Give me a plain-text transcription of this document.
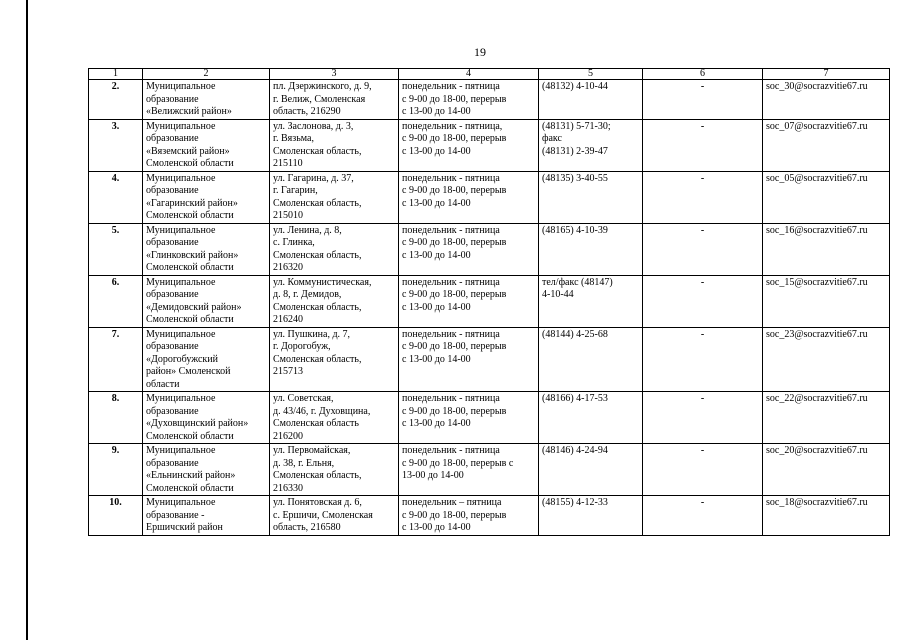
19
1	2	3	4	5	6	7
2.	Муниципальное
образование
«Велижский район»	пл. Дзержинского, д. 9,
г. Велиж, Смоленская
область, 216290	понедельник - пятница
с 9-00 до 18-00, перерыв
с 13-00 до 14-00	(48132) 4-10-44	-	soc_30@socrazvitie67.ru
3.	Муниципальное
образование
«Вяземский район»
Смоленской области	ул. Заслонова, д. 3,
г. Вязьма,
Смоленская область,
215110	понедельник - пятница,
с 9-00 до 18-00, перерыв
с 13-00 до 14-00	(48131) 5-71-30;
факс
(48131) 2-39-47	-	soc_07@socrazvitie67.ru
4.	Муниципальное
образование
«Гагаринский район»
Смоленской области	ул. Гагарина, д. 37,
г. Гагарин,
Смоленская область,
215010	понедельник - пятница
с 9-00 до 18-00, перерыв
с 13-00 до 14-00	(48135) 3-40-55	-	soc_05@socrazvitie67.ru
5.	Муниципальное
образование
«Глинковский район»
Смоленской области	ул. Ленина, д. 8,
с. Глинка,
Смоленская область,
216320	понедельник - пятница
с 9-00 до 18-00, перерыв
с 13-00 до 14-00	(48165) 4-10-39	-	soc_16@socrazvitie67.ru
6.	Муниципальное
образование
«Демидовский район»
Смоленской области	ул. Коммунистическая,
д. 8, г. Демидов,
Смоленская область,
216240	понедельник - пятница
с 9-00 до 18-00, перерыв
с 13-00 до 14-00	тел/факс (48147)
4-10-44	-	soc_15@socrazvitie67.ru
7.	Муниципальное
образование
«Дорогобужский
район» Смоленской
области	ул. Пушкина, д. 7,
г. Дорогобуж,
Смоленская область,
215713	понедельник - пятница
с 9-00 до 18-00, перерыв
с 13-00 до 14-00	(48144) 4-25-68	-	soc_23@socrazvitie67.ru
8.	Муниципальное
образование
«Духовщинский район»
Смоленской области	ул. Советская,
д. 43/46, г. Духовщина,
Смоленская область
216200	понедельник - пятница
с 9-00 до 18-00, перерыв
с 13-00 до 14-00	(48166) 4-17-53	-	soc_22@socrazvitie67.ru
9.	Муниципальное
образование
«Ельнинский район»
Смоленской области	ул. Первомайская,
д. 38, г. Ельня,
Смоленская область,
216330	понедельник - пятница
с 9-00 до 18-00, перерыв с
13-00 до 14-00	(48146) 4-24-94	-	soc_20@socrazvitie67.ru
10.	Муниципальное
образование -
Ершичский район	ул. Понятовская д. 6,
с. Ершичи, Смоленская
область, 216580	понедельник – пятница
с 9-00 до 18-00, перерыв
с 13-00 до 14-00	(48155) 4-12-33	-	soc_18@socrazvitie67.ru
